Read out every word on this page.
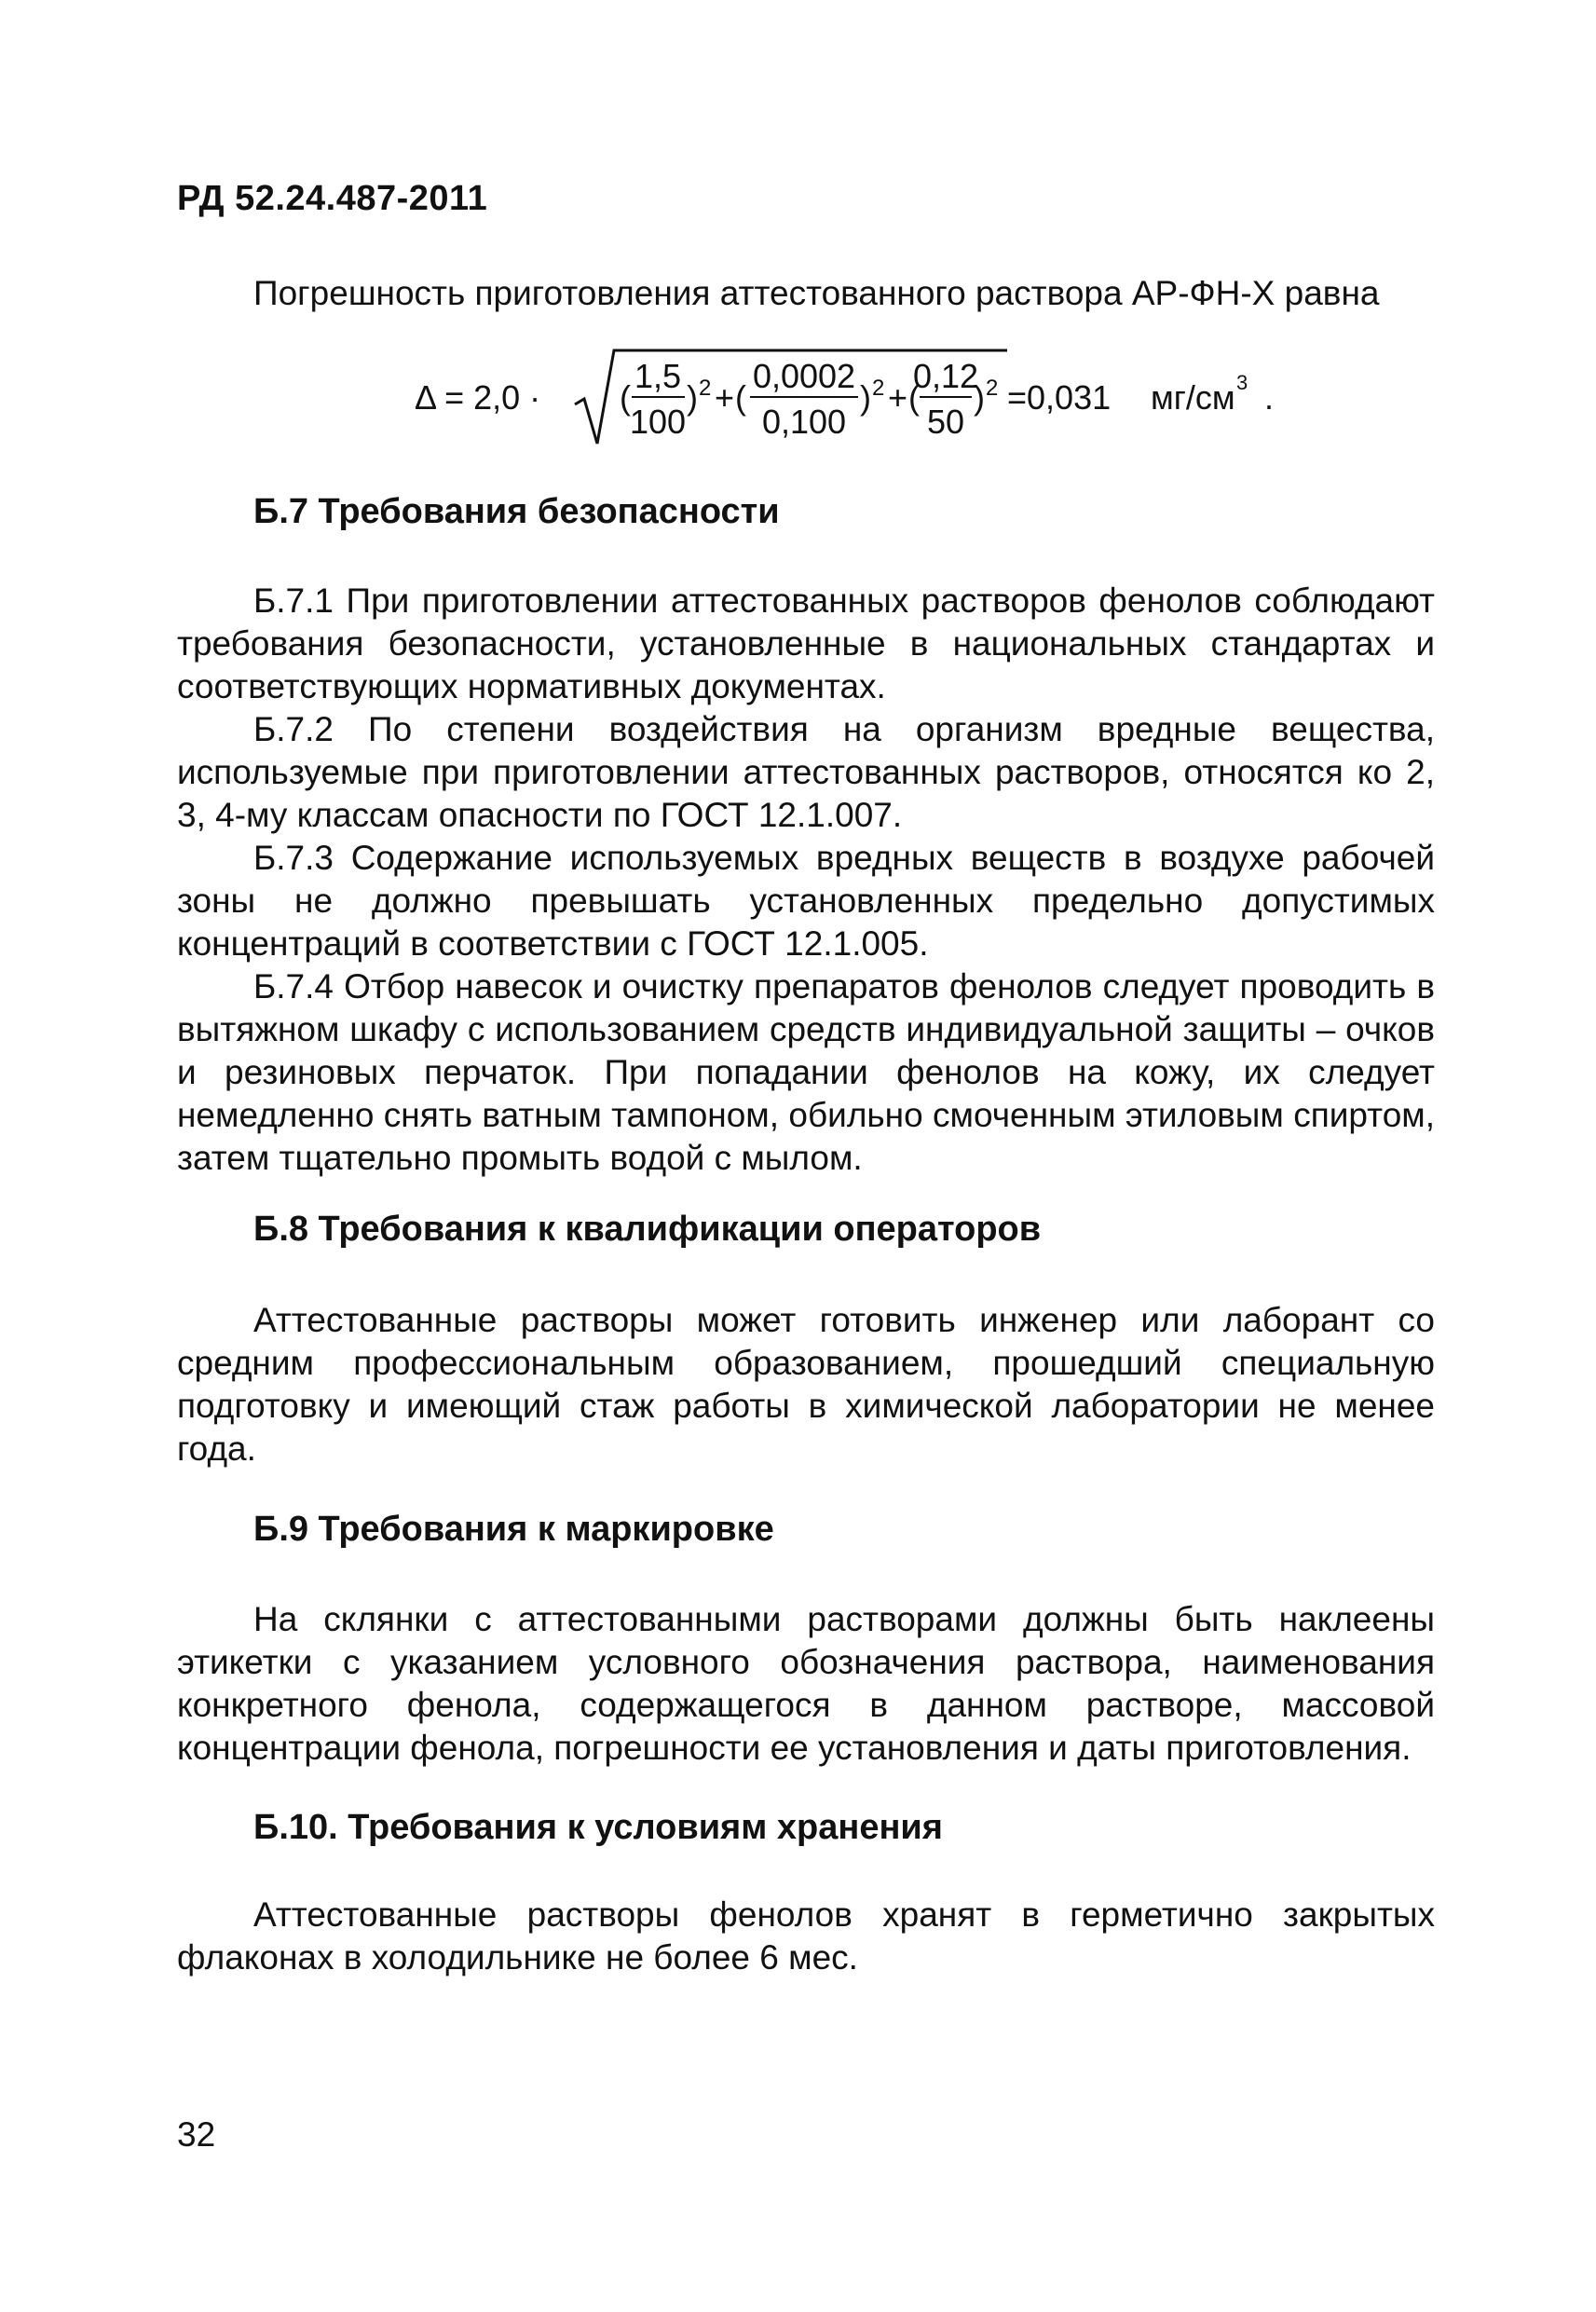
РД 52.24.487-2011

Погрешность приготовления аттестованного раствора АР-ФН-Х равна

Δ = 2,0 · (
1,5
100
) 2 + (
0,0002
0,100
) 2 + (
0,12
50
) 2 =0,031 мг/см 3 .
Б.7 Требования безопасности

Б.7.1 При приготовлении аттестованных растворов фенолов соблюдают требования безопасности, установленные в национальных стандартах и соответствующих нормативных документах.

Б.7.2 По степени воздействия на организм вредные вещества, используемые при приготовлении аттестованных растворов, относятся ко 2, 3, 4-му классам опасности по ГОСТ 12.1.007.

Б.7.3 Содержание используемых вредных веществ в воздухе рабочей зоны не должно превышать установленных предельно допустимых концентраций в соответствии с ГОСТ 12.1.005.

Б.7.4 Отбор навесок и очистку препаратов фенолов следует проводить в вытяжном шкафу с использованием средств индивидуальной защиты – очков и резиновых перчаток. При попадании фенолов на кожу, их следует немедленно снять ватным тампоном, обильно смоченным этиловым спиртом, затем тщательно промыть водой с мылом.

Б.8 Требования к квалификации операторов

Аттестованные растворы может готовить инженер или лаборант со средним профессиональным образованием, прошедший специальную подготовку и имеющий стаж работы в химической лаборатории не менее года.

Б.9 Требования к маркировке

На склянки с аттестованными растворами должны быть наклеены этикетки с указанием условного обозначения раствора, наименования конкретного фенола, содержащегося в данном растворе, массовой концентрации фенола, погрешности ее установления и даты приготовления.

Б.10. Требования к условиям хранения

Аттестованные растворы фенолов хранят в герметично закрытых флаконах в холодильнике не более 6 мес.

32
